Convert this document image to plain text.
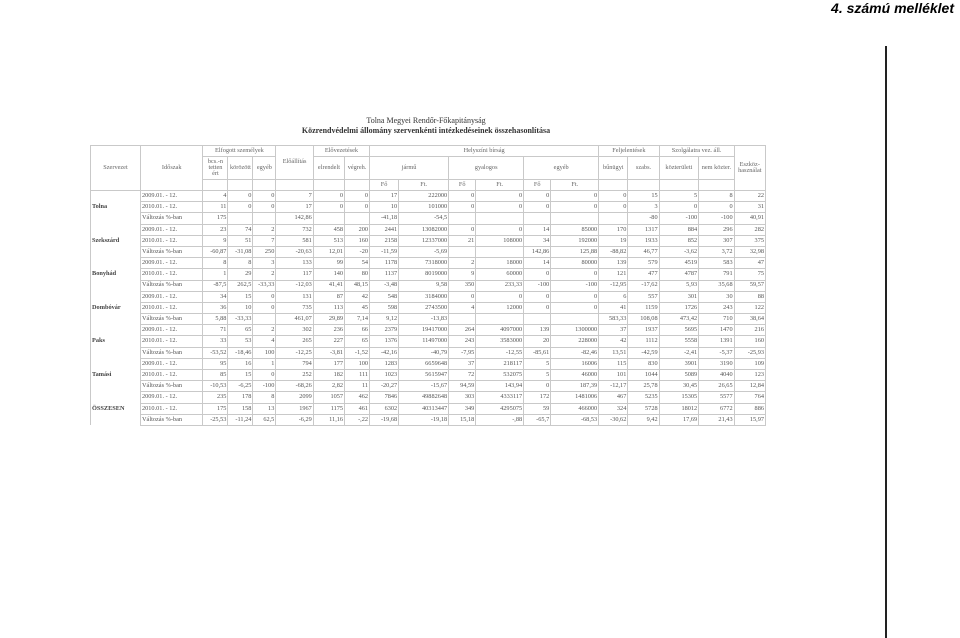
4. számú melléklet
Tolna Megyei Rendőr-Főkapitányság
Közrendvédelmi állomány szervenkénti intézkedéseinek összehasonlítása
Szervezet	Időszak	Elfogott személyek			Előállítás	Elővezetések		Helyszíni bírság						Feljelentések		Szolgálatra vez. áll.		Eszköz-használat
		bcs.-n tetten ért	körözött	egyéb		elrendelt	végreh.	jármű		gyalogos		egyéb		bűnügyi	szabs.	közterületi	nem közter.	
								Fő	Ft.	Fő	Ft.	Fő	Ft.					
	2009.01. - 12.	4	0	0	7	0	0	17	222000	0	0	0	0	0	15	5	8	22
Tolna	2010.01. - 12.	11	0	0	17	0	0	10	101000	0	0	0	0	0	3	0	0	31
	Változás %-ban	175			142,86			-41,18	-54,5						-80	-100	-100	40,91
	2009.01. - 12.	23	74	2	732	458	200	2441	13082000	0	0	14	85000	170	1317	884	296	282
Szekszárd	2010.01. - 12.	9	51	7	581	513	160	2158	12337000	21	108000	34	192000	19	1933	852	307	375
	Változás %-ban	-60,87	-31,08	250	-20,63	12,01	-20	-11,59	-5,69			142,86	125,88	-88,82	46,77	-3,62	3,72	32,98
	2009.01. - 12.	8	8	3	133	99	54	1178	7318000	2	18000	14	80000	139	579	4519	583	47
Bonyhád	2010.01. - 12.	1	29	2	117	140	80	1137	8019000	9	60000	0	0	121	477	4787	791	75
	Változás %-ban	-87,5	262,5	-33,33	-12,03	41,41	48,15	-3,48	9,58	350	233,33	-100	-100	-12,95	-17,62	5,93	35,68	59,57
	2009.01. - 12.	34	15	0	131	87	42	548	3184000	0	0	0	0	6	557	301	30	88
Dombóvár	2010.01. - 12.	36	10	0	735	113	45	598	2743500	4	12000	0	0	41	1159	1726	243	122
	Változás %-ban	5,88	-33,33		461,07	29,89	7,14	9,12	-13,83					583,33	108,08	473,42	710	38,64
	2009.01. - 12.	71	65	2	302	236	66	2379	19417000	264	4097000	139	1300000	37	1937	5695	1470	216
Paks	2010.01. - 12.	33	53	4	265	227	65	1376	11497000	243	3583000	20	228000	42	1112	5558	1391	160
	Változás %-ban	-53,52	-18,46	100	-12,25	-3,81	-1,52	-42,16	-40,79	-7,95	-12,55	-85,61	-82,46	13,51	-42,59	-2,41	-5,37	-25,93
	2009.01. - 12.	95	16	1	794	177	100	1283	6659648	37	218117	5	16006	115	830	3901	3190	109
Tamási	2010.01. - 12.	85	15	0	252	182	111	1023	5615947	72	532075	5	46000	101	1044	5089	4040	123
	Változás %-ban	-10,53	-6,25	-100	-68,26	2,82	11	-20,27	-15,67	94,59	143,94	0	187,39	-12,17	25,78	30,45	26,65	12,84
	2009.01. - 12.	235	178	8	2099	1057	462	7846	49882648	303	4333117	172	1481006	467	5235	15305	5577	764
ÖSSZESEN	2010.01. - 12.	175	158	13	1967	1175	461	6302	40313447	349	4295075	59	466000	324	5728	18012	6772	886
	Változás %-ban	-25,53	-11,24	62,5	-6,29	11,16	-,22	-19,68	-19,18	15,18	-,88	-65,7	-68,53	-30,62	9,42	17,69	21,43	15,97
